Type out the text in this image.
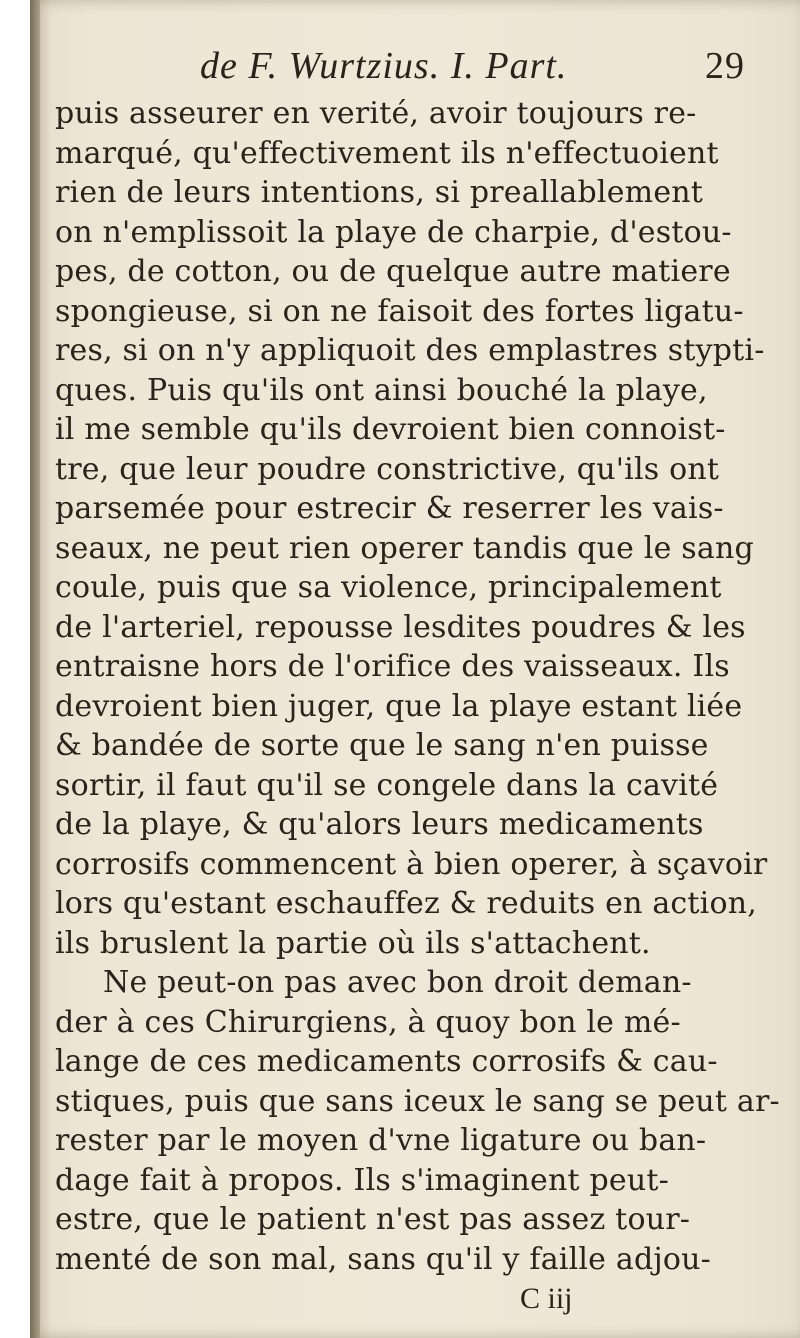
de F. Wurtzius. I. Part.	29
puis asseurer en verité, avoir toujours re-
marqué, qu'effectivement ils n'effectuoient
rien de leurs intentions, si preallablement
on n'emplissoit la playe de charpie, d'estou-
pes, de cotton, ou de quelque autre matiere
spongieuse, si on ne faisoit des fortes ligatu-
res, si on n'y appliquoit des emplastres stypti-
ques. Puis qu'ils ont ainsi bouché la playe,
il me semble qu'ils devroient bien connoist-
tre, que leur poudre constrictive, qu'ils ont
parsemée pour estrecir & reserrer les vais-
seaux, ne peut rien operer tandis que le sang
coule, puis que sa violence, principalement
de l'arteriel, repousse lesdites poudres & les
entraisne hors de l'orifice des vaisseaux. Ils
devroient bien juger, que la playe estant liée
& bandée de sorte que le sang n'en puisse
sortir, il faut qu'il se congele dans la cavité
de la playe, & qu'alors leurs medicaments
corrosifs commencent à bien operer, à sçavoir
lors qu'estant eschauffez & reduits en action,
ils bruslent la partie où ils s'attachent.
Ne peut-on pas avec bon droit deman-
der à ces Chirurgiens, à quoy bon le mé-
lange de ces medicaments corrosifs & cau-
stiques, puis que sans iceux le sang se peut ar-
rester par le moyen d'vne ligature ou ban-
dage fait à propos. Ils s'imaginent peut-
estre, que le patient n'est pas assez tour-
menté de son mal, sans qu'il y faille adjou-
C iij
